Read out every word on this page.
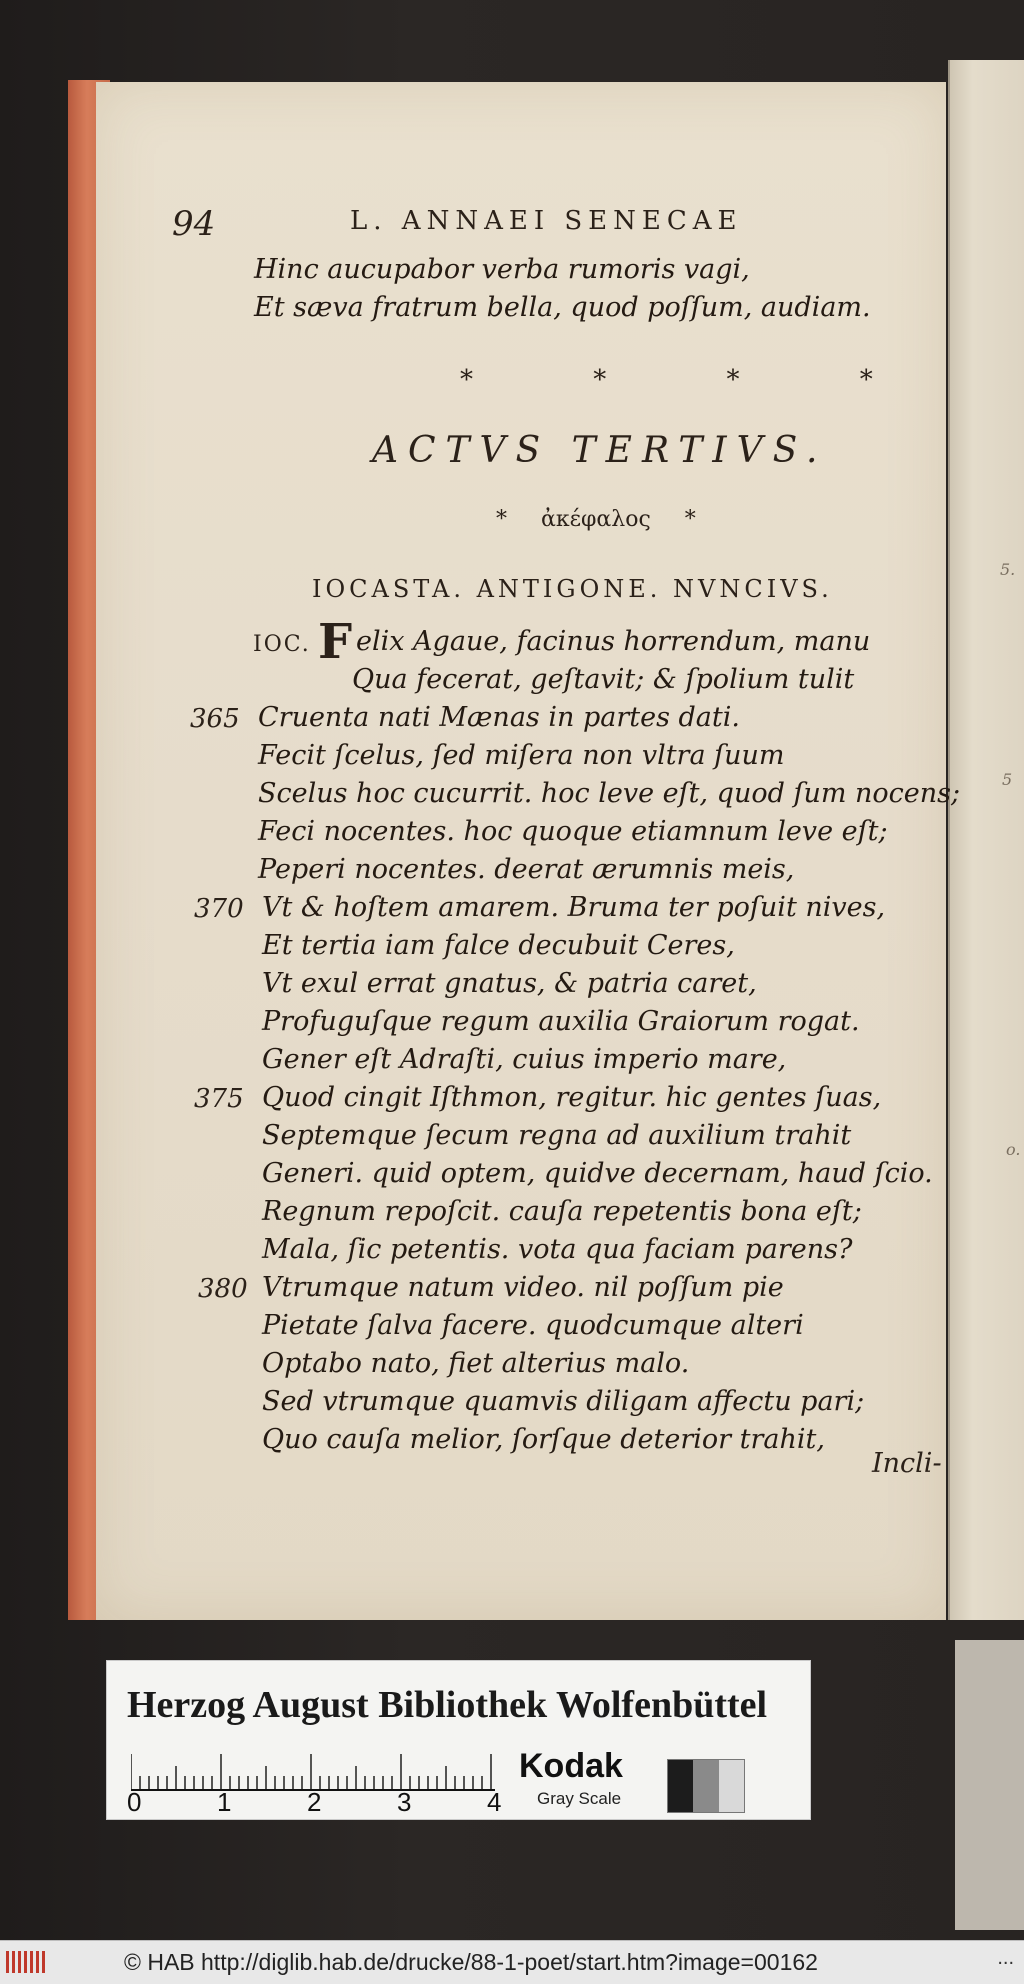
5.
5
o.
94	L. ANNAEI SENECAE
Hinc aucupabor verba rumoris vagi,
Et sæva fratrum bella, quod poſſum, audiam.
* * * *
ACTVS TERTIVS.
* ἀκέφαλος *
IOCASTA. ANTIGONE. NVNCIVS.
IOC. F elix Agaue, facinus horrendum, manu
Qua fecerat, geſtavit; & ſpolium tulit
Cruenta nati Mænas in partes dati.
Fecit ſcelus, ſed miſera non vltra ſuum
Scelus hoc cucurrit. hoc leve eſt, quod ſum nocens;
Feci nocentes. hoc quoque etiamnum leve eſt;
Peperi nocentes. deerat ærumnis meis,
Vt & hoſtem amarem. Bruma ter poſuit nives,
Et tertia iam falce decubuit Ceres,
Vt exul errat gnatus, & patria caret,
Profuguſque regum auxilia Graiorum rogat.
Gener eſt Adraſti, cuius imperio mare,
Quod cingit Iſthmon, regitur. hic gentes ſuas,
Septemque ſecum regna ad auxilium trahit
Generi. quid optem, quidve decernam, haud ſcio.
Regnum repoſcit. cauſa repetentis bona eſt;
Mala, ſic petentis. vota qua faciam parens?
Vtrumque natum video. nil poſſum pie
Pietate ſalva facere. quodcumque alteri
Optabo nato, fiet alterius malo.
Sed vtrumque quamvis diligam affectu pari;
Quo cauſa melior, ſorſque deterior trahit,
365
370
375
380
Incli-
Herzog August Bibliothek Wolfenbüttel
0	1	2	3	4
Kodak
Gray Scale
© HAB http://diglib.hab.de/drucke/88-1-poet/start.htm?image=00162	...
